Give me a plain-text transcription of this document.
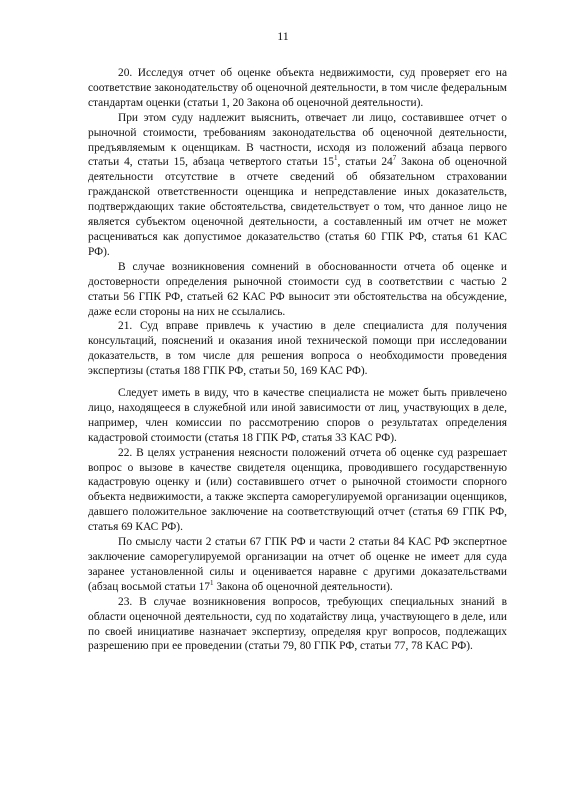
11

20. Исследуя отчет об оценке объекта недвижимости, суд проверяет его на соответствие законодательству об оценочной деятельности, в том числе федеральным стандартам оценки (статьи 1, 20 Закона об оценочной деятельности).

При этом суду надлежит выяснить, отвечает ли лицо, составившее отчет о рыночной стоимости, требованиям законодательства об оценочной деятельности, предъявляемым к оценщикам. В частности, исходя из положений абзаца первого статьи 4, статьи 15, абзаца четвертого статьи $15^1$, статьи $24^7$ Закона об оценочной деятельности отсутствие в отчете сведений об обязательном страховании гражданской ответственности оценщика и непредставление иных доказательств, подтверждающих такие обстоятельства, свидетельствует о том, что данное лицо не является субъектом оценочной деятельности, а составленный им отчет не может расцениваться как допустимое доказательство (статья 60 ГПК РФ, статья 61 КАС РФ).

В случае возникновения сомнений в обоснованности отчета об оценке и достоверности определения рыночной стоимости суд в соответствии с частью 2 статьи 56 ГПК РФ, статьей 62 КАС РФ выносит эти обстоятельства на обсуждение, даже если стороны на них не ссылались.

21. Суд вправе привлечь к участию в деле специалиста для получения консультаций, пояснений и оказания иной технической помощи при исследовании доказательств, в том числе для решения вопроса о необходимости проведения экспертизы (статья 188 ГПК РФ, статьи 50, 169 КАС РФ).

Следует иметь в виду, что в качестве специалиста не может быть привлечено лицо, находящееся в служебной или иной зависимости от лиц, участвующих в деле, например, член комиссии по рассмотрению споров о результатах определения кадастровой стоимости (статья 18 ГПК РФ, статья 33 КАС РФ).

22. В целях устранения неясности положений отчета об оценке суд разрешает вопрос о вызове в качестве свидетеля оценщика, проводившего государственную кадастровую оценку и (или) составившего отчет о рыночной стоимости спорного объекта недвижимости, а также эксперта саморегулируемой организации оценщиков, давшего положительное заключение на соответствующий отчет (статья 69 ГПК РФ, статья 69 КАС РФ).

По смыслу части 2 статьи 67 ГПК РФ и части 2 статьи 84 КАС РФ экспертное заключение саморегулируемой организации на отчет об оценке не имеет для суда заранее установленной силы и оценивается наравне с другими доказательствами (абзац восьмой статьи $17^1$ Закона об оценочной деятельности).

23. В случае возникновения вопросов, требующих специальных знаний в области оценочной деятельности, суд по ходатайству лица, участвующего в деле, или по своей инициативе назначает экспертизу, определяя круг вопросов, подлежащих разрешению при ее проведении (статьи 79, 80 ГПК РФ, статьи 77, 78 КАС РФ).
